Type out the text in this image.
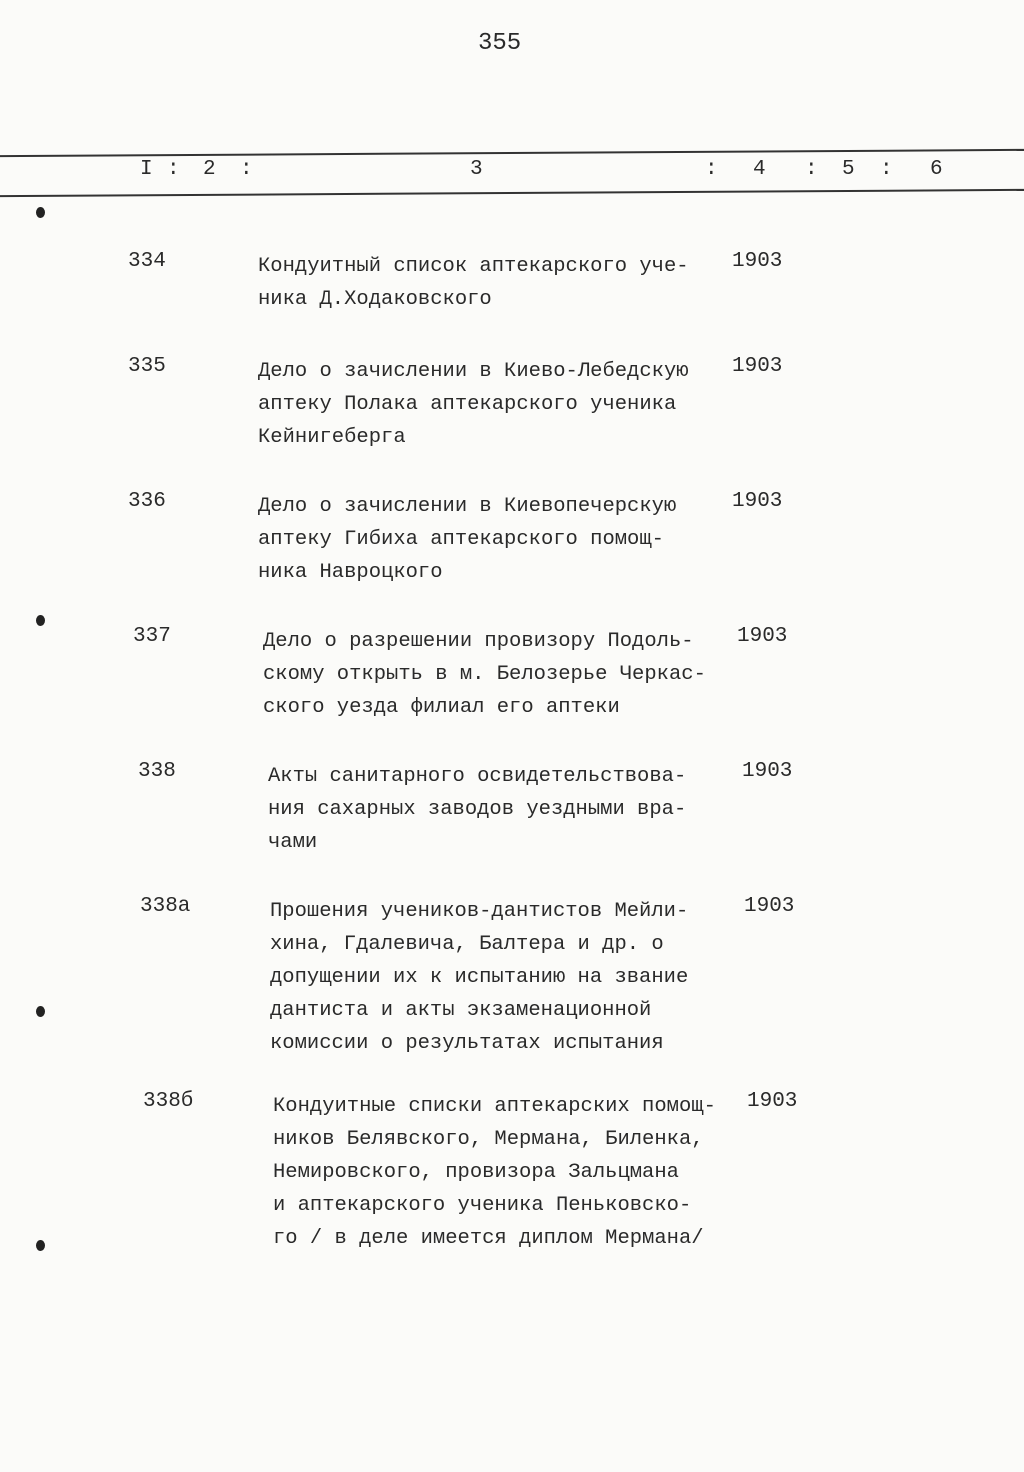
355
I : 2 :	3	: 4 : 5 : 6
334	Кондуитный список аптекарского уче-
ника Д.Ходаковского
1903
335	Дело о зачислении в Киево-Лебедскую
аптеку Полака аптекарского ученика
Кейнигеберга
1903
336	Дело о зачислении в Киевопечерскую
аптеку Гибиха аптекарского помощ-
ника Навроцкого
1903
337	Дело о разрешении провизору Подоль-
скому открыть в м. Белозерье Черкас-
ского уезда филиал его аптеки
1903
338	Акты санитарного освидетельствова-
ния сахарных заводов уездными вра-
чами
1903
338а	Прошения учеников-дантистов Мейли-
хина, Гдалевича, Балтера и др. о
допущении их к испытанию на звание
дантиста и акты экзаменационной
комиссии о результатах испытания
1903
338б	Кондуитные спиcки аптекарских помощ-
ников Белявского, Мермана, Биленка,
Немировского, провизора Зальцмана
и аптекарского ученика Пеньковско-
го / в деле имеется диплом Мермана/
1903
